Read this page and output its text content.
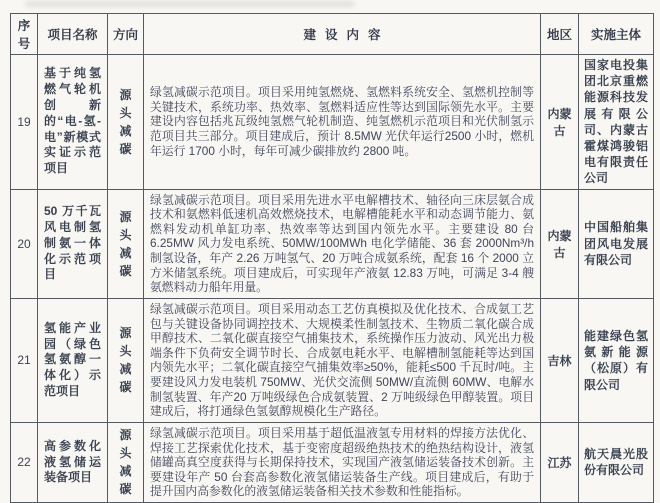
序号	项目名称	方向	建设内容	地区	实施主体
19	基于纯氢燃气轮机创新的“电-氢-电”新模式实证示范项目	源头减碳	绿氢减碳示范项目。项目采用纯氢燃烧、氢燃料系统安全、氢燃机控制等关键技术，系统功率、热效率、氢燃料适应性等达到国际领先水平。主要建设内容包括兆瓦级纯氢燃气轮机制造、纯氢燃机示范项目和光伏制氢示范项目共三部分。项目建成后，预计 8.5MW 光伏年运行2500 小时，燃机年运行 1700 小时，每年可减少碳排放约 2800 吨。	内蒙古	国家电投集团北京重燃能源科技发展有限公司、内蒙古霍煤鸿骏铝电有限责任公司
20	50 万千瓦风电制氢制氨一体化示范项目	源头减碳	绿氢减碳示范项目。项目采用先进水平电解槽技术、轴径向三床层氨合成技术和氨燃料低速机高效燃烧技术，电解槽能耗水平和动态调节能力、氨燃料发动机单缸功率、热效率等达到国内领先水平。主要建设 80 台 6.25MW 风力发电系统、50MW/100MWh 电化学储能、36 套 2000Nm³/h 制氢设备，年产 2.26 万吨氢气、20 万吨合成氨系统，配套 16 个 2000 立方米储氢系统。项目建成后，可实现年产液氨 12.83 万吨，可满足 3-4 艘氨燃料动力船年用量。	内蒙古	中国船舶集团风电发展有限公司
21	氢能产业园（绿色氢氨醇一体化）示范项目	源头减碳	绿氢减碳示范项目。项目采用动态工艺仿真模拟及优化技术、合成氨工艺包与关键设备协同调控技术、大规模柔性制氢技术、生物质二氧化碳合成甲醇技术、二氧化碳直接空气捕集技术，系统操作压力波动、风光出力极端条件下负荷安全调节时长、合成氨电耗水平、电解槽制氢能耗等达到国内领先水平；二氧化碳直接空气捕集效率≥50%，能耗≤500 千瓦时/吨。主要建设风力发电装机 750MW、光伏交流侧 50MW/直流侧 60MW、电解水制氢装置、年产20 万吨级绿色合成氨装置、2 万吨级绿色甲醇装置。项目建成后，将打通绿色氢氨醇规模化生产路径。	吉林	能建绿色氢氨新能源（松原）有限公司
22	高参数化液氢储运装备项目	源头减碳	绿氢减碳示范项目。项目采用基于超低温液氢专用材料的焊接方法优化、焊接工艺探索优化技术，基于变密度超级绝热技术的绝热结构设计，液氢储罐高真空度获得与长期保持技术，实现国产液氢储运装备技术创新。主要建设年产 50 台套高参数化液氢储运装备生产线。项目建成后，有助于提升国内高参数化的液氢储运装备相关技术参数和性能指标。	江苏	航天晨光股份有限公司
